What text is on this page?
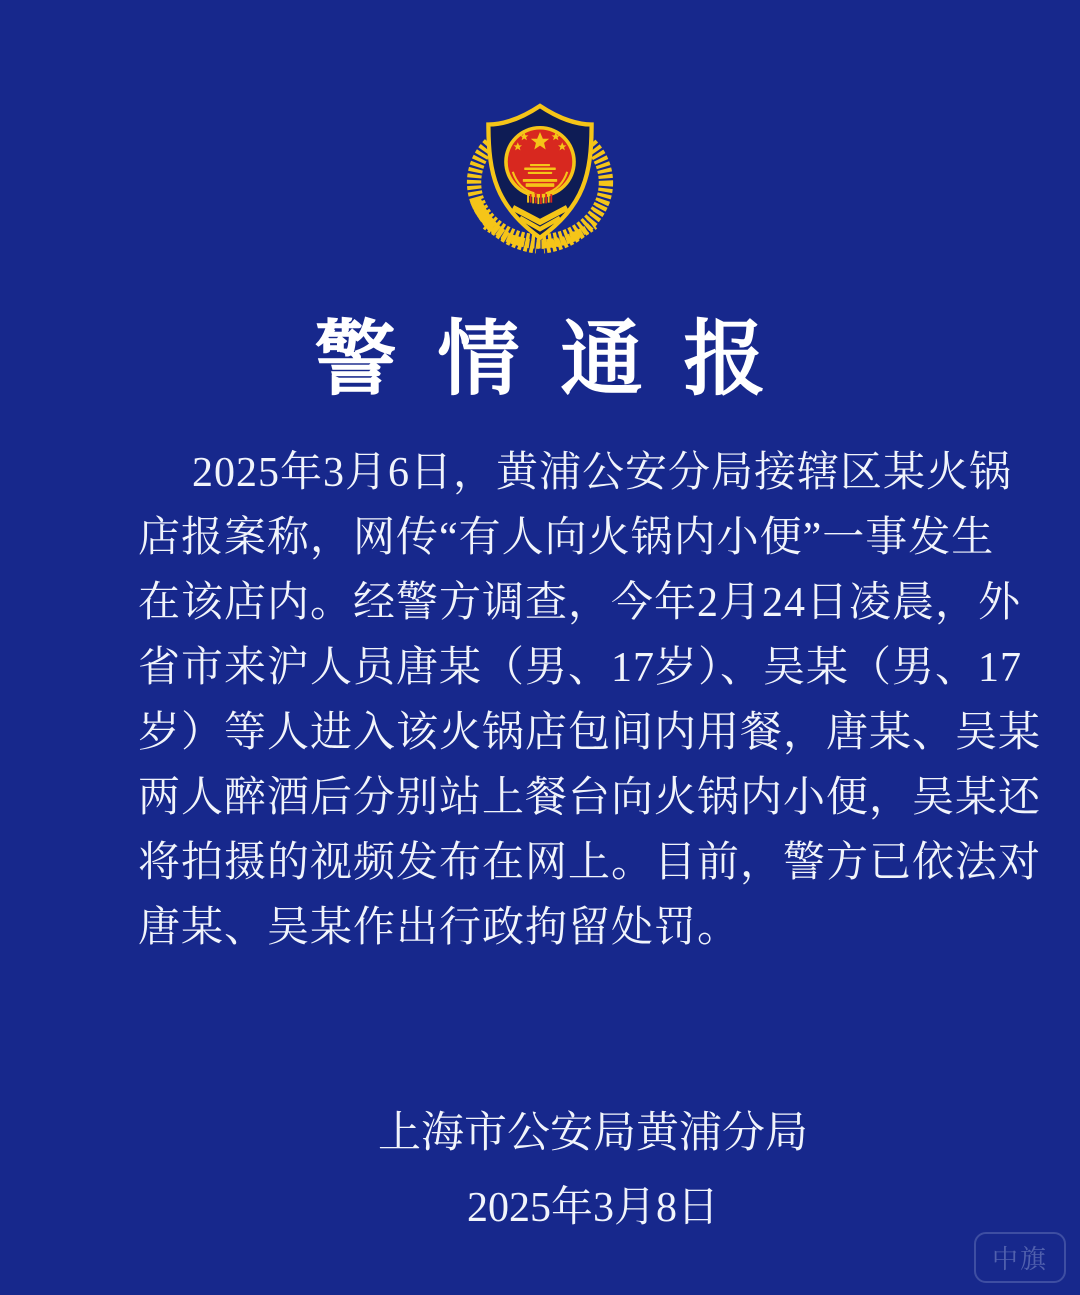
警情通报
2025年3月6日，黄浦公安分局接辖区某火锅
店报案称，网传“有人向火锅内小便”一事发生
在该店内。经警方调查，今年2月24日凌晨，外
省市来沪人员唐某（男、17岁）、吴某（男、17
岁）等人进入该火锅店包间内用餐，唐某、吴某
两人醉酒后分别站上餐台向火锅内小便，吴某还
将拍摄的视频发布在网上。目前，警方已依法对
唐某、吴某作出行政拘留处罚。
上海市公安局黄浦分局
2025年3月8日
中旗
